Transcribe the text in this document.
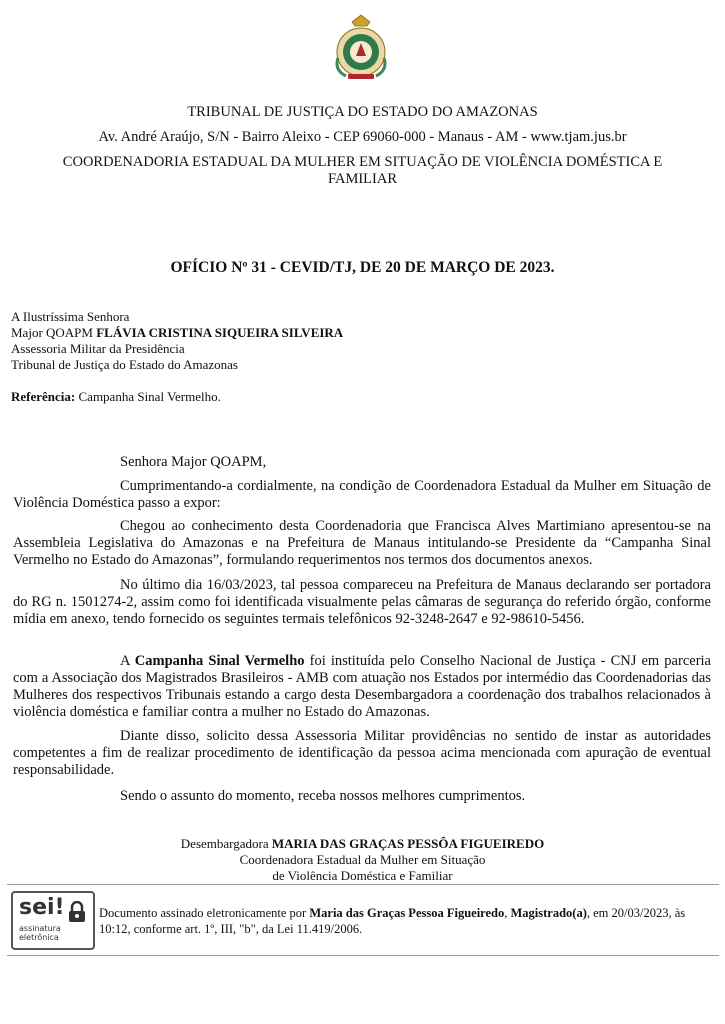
TRIBUNAL DE JUSTIÇA DO ESTADO DO AMAZONAS
Av. André Araújo, S/N - Bairro Aleixo - CEP 69060-000 - Manaus - AM - www.tjam.jus.br
COORDENADORIA ESTADUAL DA MULHER EM SITUAÇÃO DE VIOLÊNCIA DOMÉSTICA E
FAMILIAR
OFÍCIO Nº 31 - CEVID/TJ, DE 20 DE MARÇO DE 2023.
A Ilustríssima Senhora
Major QOAPM FLÁVIA CRISTINA SIQUEIRA SILVEIRA
Assessoria Militar da Presidência
Tribunal de Justiça do Estado do Amazonas
Referência: Campanha Sinal Vermelho.

Senhora Major QOAPM,

Cumprimentando-a cordialmente, na condição de Coordenadora Estadual da Mulher em Situação de Violência Doméstica passo a expor:

Chegou ao conhecimento desta Coordenadoria que Francisca Alves Martimiano apresentou-se na Assembleia Legislativa do Amazonas e na Prefeitura de Manaus intitulando-se Presidente da “Campanha Sinal Vermelho no Estado do Amazonas”, formulando requerimentos nos termos dos documentos anexos.

No último dia 16/03/2023, tal pessoa compareceu na Prefeitura de Manaus declarando ser portadora do RG n. 1501274-2, assim como foi identificada visualmente pelas câmaras de segurança do referido órgão, conforme mídia em anexo, tendo fornecido os seguintes termais telefônicos 92-3248-2647 e 92-98610-5456.

A Campanha Sinal Vermelho foi instituída pelo Conselho Nacional de Justiça - CNJ em parceria com a Associação dos Magistrados Brasileiros - AMB com atuação nos Estados por intermédio das Coordenadorias das Mulheres dos respectivos Tribunais estando a cargo desta Desembargadora a coordenação dos trabalhos relacionados à violência doméstica e familiar contra a mulher no Estado do Amazonas.

Diante disso, solicito dessa Assessoria Militar providências no sentido de instar as autoridades competentes a fim de realizar procedimento de identificação da pessoa acima mencionada com apuração de eventual responsabilidade.

Sendo o assunto do momento, receba nossos melhores cumprimentos.

Desembargadora MARIA DAS GRAÇAS PESSÔA FIGUEIREDO
Coordenadora Estadual da Mulher em Situação
de Violência Doméstica e Familiar
sei!
assinatura
eletrônica
Documento assinado eletronicamente por Maria das Graças Pessoa Figueiredo, Magistrado(a), em 20/03/2023, às 10:12, conforme art. 1º, III, "b", da Lei 11.419/2006.
